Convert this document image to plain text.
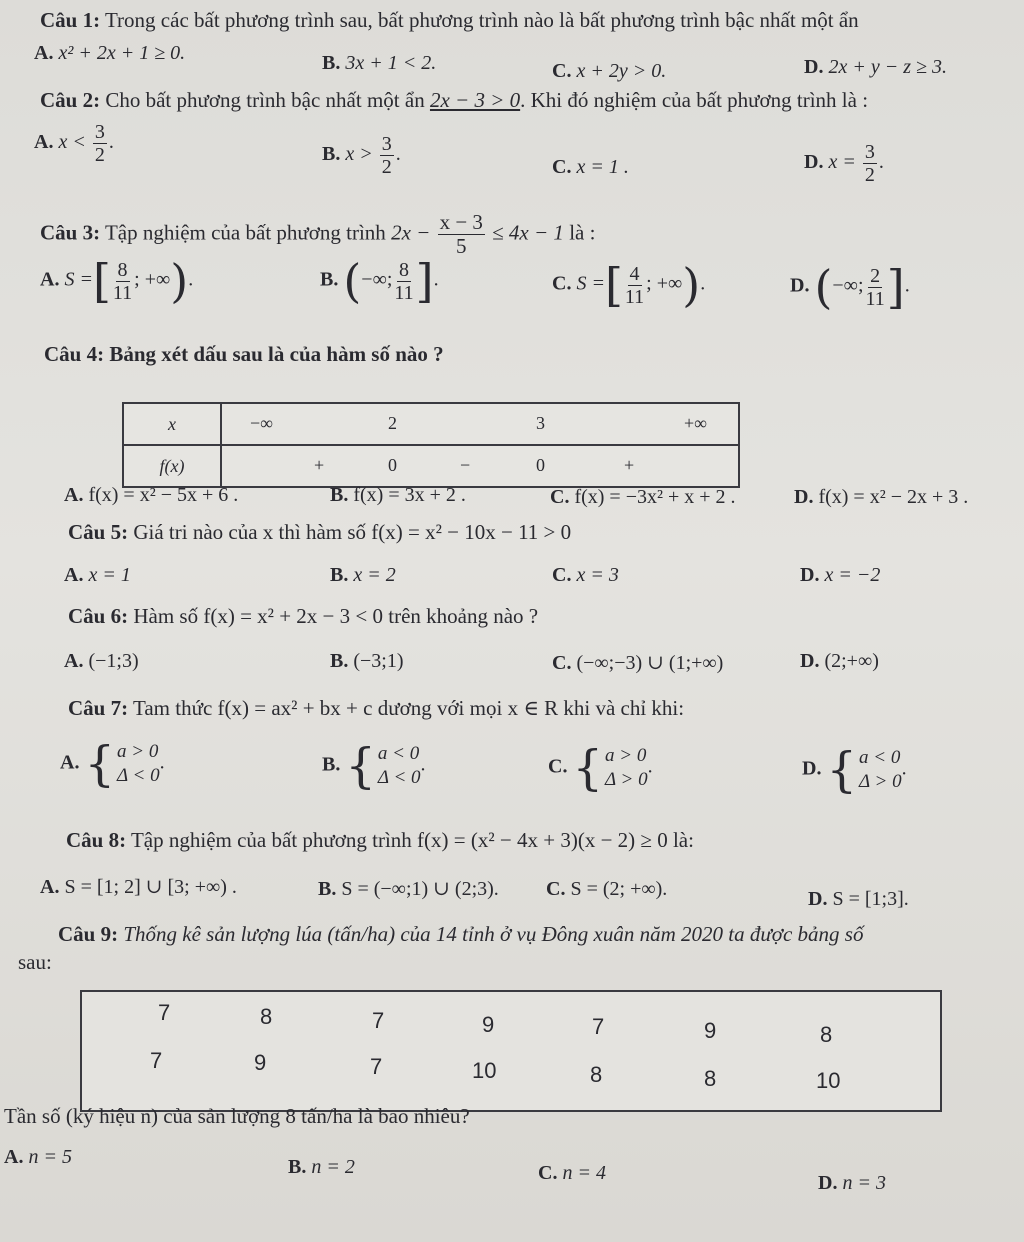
Câu 1: Trong các bất phương trình sau, bất phương trình nào là bất phương trình bậc nhất một ẩn
A. x² + 2x + 1 ≥ 0.	B. 3x + 1 < 2.	C. x + 2y > 0.	D. 2x + y − z ≥ 3.
Câu 2: Cho bất phương trình bậc nhất một ẩn 2x − 3 > 0. Khi đó nghiệm của bất phương trình là :
A. $x < \frac{3}{2}$ .
B. $x > \frac{3}{2}$ .
C. x = 1 .	D. $x = \frac{3}{2}$ .
Câu 3: Tập nghiệm của bất phương trình $2x - \frac{x - 3}{5} \le 4x - 1$ là :
A. S =[ $\frac{8}{11}$ ; +∞).	B. (−∞; $\frac{8}{11}$ ].	C. S =[ $\frac{4}{11}$ ; +∞).	D. (−∞; $\frac{2}{11}$ ].
Câu 4: Bảng xét dấu sau là của hàm số nào ?
x	−∞ 2 3 +∞

f(x)	+ 0 − 0 +
A. f(x) = x² − 5x + 6 .	B. f(x) = 3x + 2 .	C. f(x) = −3x² + x + 2 .	D. f(x) = x² − 2x + 3 .
Câu 5: Giá tri nào của x thì hàm số f(x) = x² − 10x − 11 > 0
A. x = 1	B. x = 2	C. x = 3	D. x = −2
Câu 6: Hàm số f(x) = x² + 2x − 3 < 0 trên khoảng nào ?
A. (−1;3)	B. (−3;1)	C. (−∞;−3) ∪ (1;+∞)	D. (2;+∞)
Câu 7: Tam thức f(x) = ax² + bx + c dương với mọi x ∈ R khi và chỉ khi:
A. { a > 0
Δ < 0
.	B. { a < 0
Δ < 0
.	C. { a > 0
Δ > 0
.	D. { a < 0
Δ > 0
.
Câu 8: Tập nghiệm của bất phương trình f(x) = (x² − 4x + 3)(x − 2) ≥ 0 là:
A. S = [1; 2] ∪ [3; +∞) .	B. S = (−∞;1) ∪ (2;3). C. S = (2; +∞).	D. S = [1;3].
Câu 9: Thống kê sản lượng lúa (tấn/ha) của 14 tỉnh ở vụ Đông xuân năm 2020 ta được bảng số
sau:
7	8	7	9	7	9	8
7	9	7	10	8	8	10
Tần số (ký hiệu n) của sản lượng 8 tấn/ha là bao nhiêu?
A. n = 5	B. n = 2	C. n = 4	D. n = 3
